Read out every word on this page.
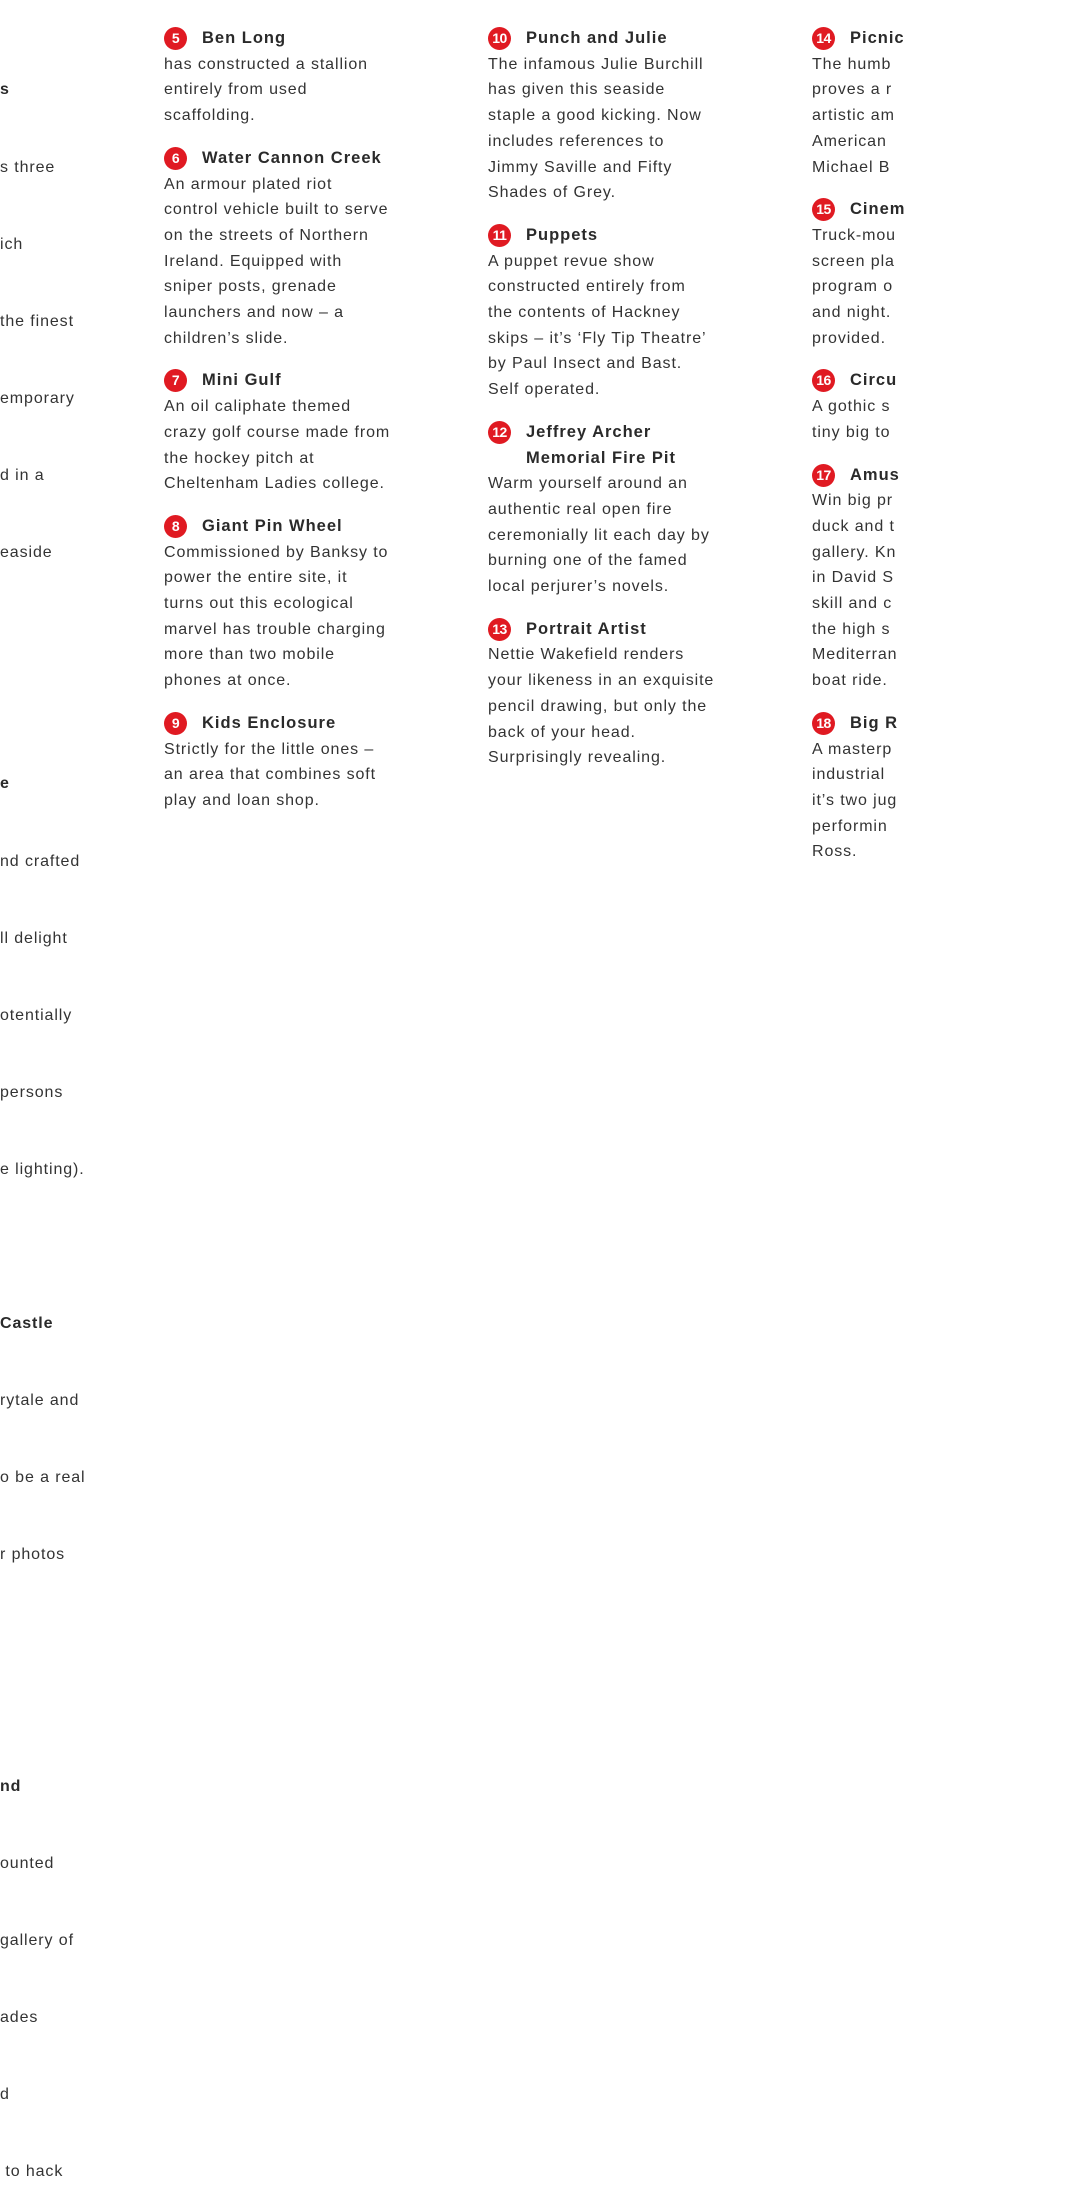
s

s three

ich

the finest

emporary

d in a

easide

e

nd crafted

ll delight

otentially

persons

e lighting).

Castle

rytale and

o be a real

r photos

nd

ounted

gallery of

ades

d

to hack

5	Ben Long
has constructed a stallion
entirely from used
scaffolding.
6	Water Cannon Creek
An armour plated riot
control vehicle built to serve
on the streets of Northern
Ireland. Equipped with
sniper posts, grenade
launchers and now – a
children’s slide.
7	Mini Gulf
An oil caliphate themed
crazy golf course made from
the hockey pitch at
Cheltenham Ladies college.
8	Giant Pin Wheel
Commissioned by Banksy to
power the entire site, it
turns out this ecological
marvel has trouble charging
more than two mobile
phones at once.
9	Kids Enclosure
Strictly for the little ones –
an area that combines soft
play and loan shop.
10 Punch and Julie
The infamous Julie Burchill
has given this seaside
staple a good kicking. Now
includes references to
Jimmy Saville and Fifty
Shades of Grey.
11 Puppets
A puppet revue show
constructed entirely from
the contents of Hackney
skips – it’s ‘Fly Tip Theatre’
by Paul Insect and Bast.
Self operated.
12 Jeffrey Archer
Memorial Fire Pit
Warm yourself around an
authentic real open fire
ceremonially lit each day by
burning one of the famed
local perjurer’s novels.
13 Portrait Artist
Nettie Wakefield renders
your likeness in an exquisite
pencil drawing, but only the
back of your head.
Surprisingly revealing.
14 Picnic
The humb
proves a r
artistic am
American
Michael B
15 Cinem
Truck-mou
screen pla
program o
and night.
provided.
16 Circu
A gothic s
tiny big to
17 Amus
Win big pr
duck and t
gallery. Kn
in David S
skill and c
the high s
Mediterran
boat ride.
18 Big R
A masterp
industrial
it’s two jug
performin
Ross.
